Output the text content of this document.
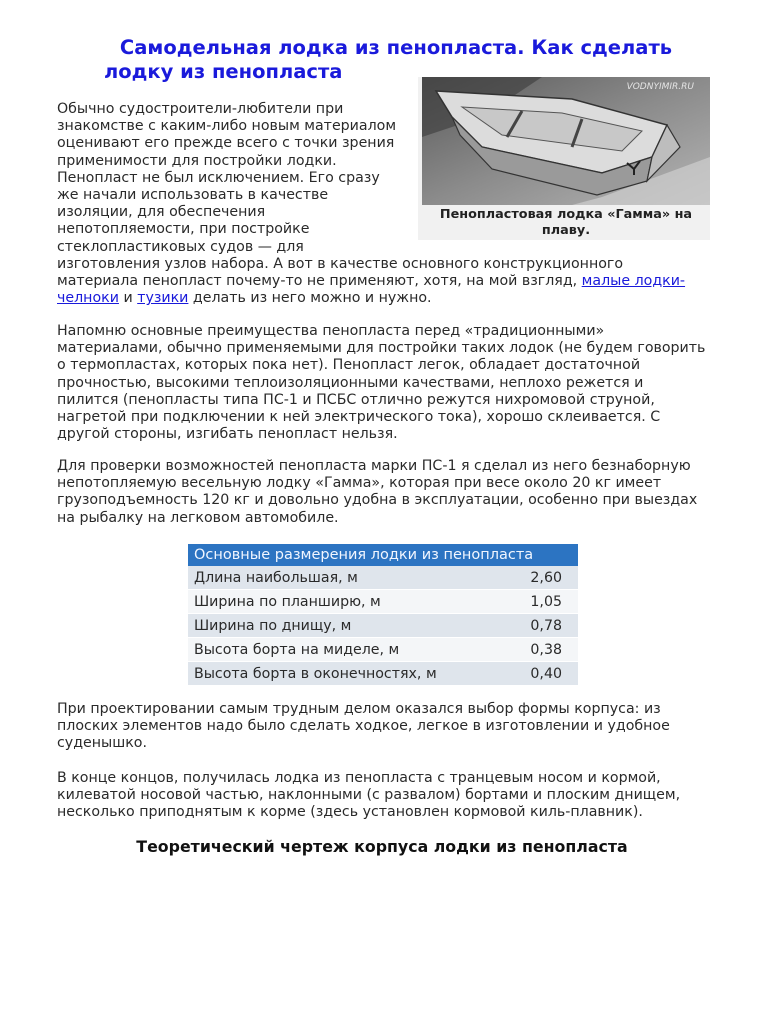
Самодельная лодка из пенопласта. Как сделать
лодку из пенопласта

VODNYIMIR.RU
Пенопластовая лодка «Гамма» на плаву.
Обычно судостроители-любители при знакомстве с каким-либо новым материалом оценивают его прежде всего с точки зрения применимости для постройки лодки. Пенопласт не был исключением. Его сразу же начали использовать в качестве изоляции, для обеспечения непотопляемости, при постройке стеклопластиковых судов — для изготовления узлов набора. А вот в качестве основного конструкционного материала пенопласт почему-то не применяют, хотя, на мой взгляд, малые лодки-челноки и тузики делать из него можно и нужно.

Напомню основные преимущества пенопласта перед «традиционными» материалами, обычно применяемыми для постройки таких лодок (не будем говорить о термопластах, которых пока нет). Пенопласт легок, обладает достаточной прочностью, высокими теплоизоляционными качествами, неплохо режется и пилится (пенопласты типа ПС-1 и ПСБС отлично режутся нихромовой струной, нагретой при подключении к ней электрического тока), хорошо склеивается. С другой стороны, изгибать пенопласт нельзя.

Для проверки возможностей пенопласта марки ПС-1 я сделал из него безнаборную непотопляемую весельную лодку «Гамма», которая при весе около 20 кг имеет грузоподъемность 120 кг и довольно удобна в эксплуатации, особенно при выездах на рыбалку на легковом автомобиле.

Основные размерения лодки из пенопласта	
Длина наибольшая, м	2,60
Ширина по планширю, м	1,05
Ширина по днищу, м	0,78
Высота борта на миделе, м	0,38
Высота борта в оконечностях, м	0,40

При проектировании самым трудным делом оказался выбор формы корпуса: из плоских элементов надо было сделать ходкое, легкое в изготовлении и удобное суденышко.

В конце концов, получилась лодка из пенопласта с транцевым носом и кормой, килеватой носовой частью, наклонными (с развалом) бортами и плоским днищем, несколько приподнятым к корме (здесь установлен кормовой киль-плавник).

Теоретический чертеж корпуса лодки из пенопласта
